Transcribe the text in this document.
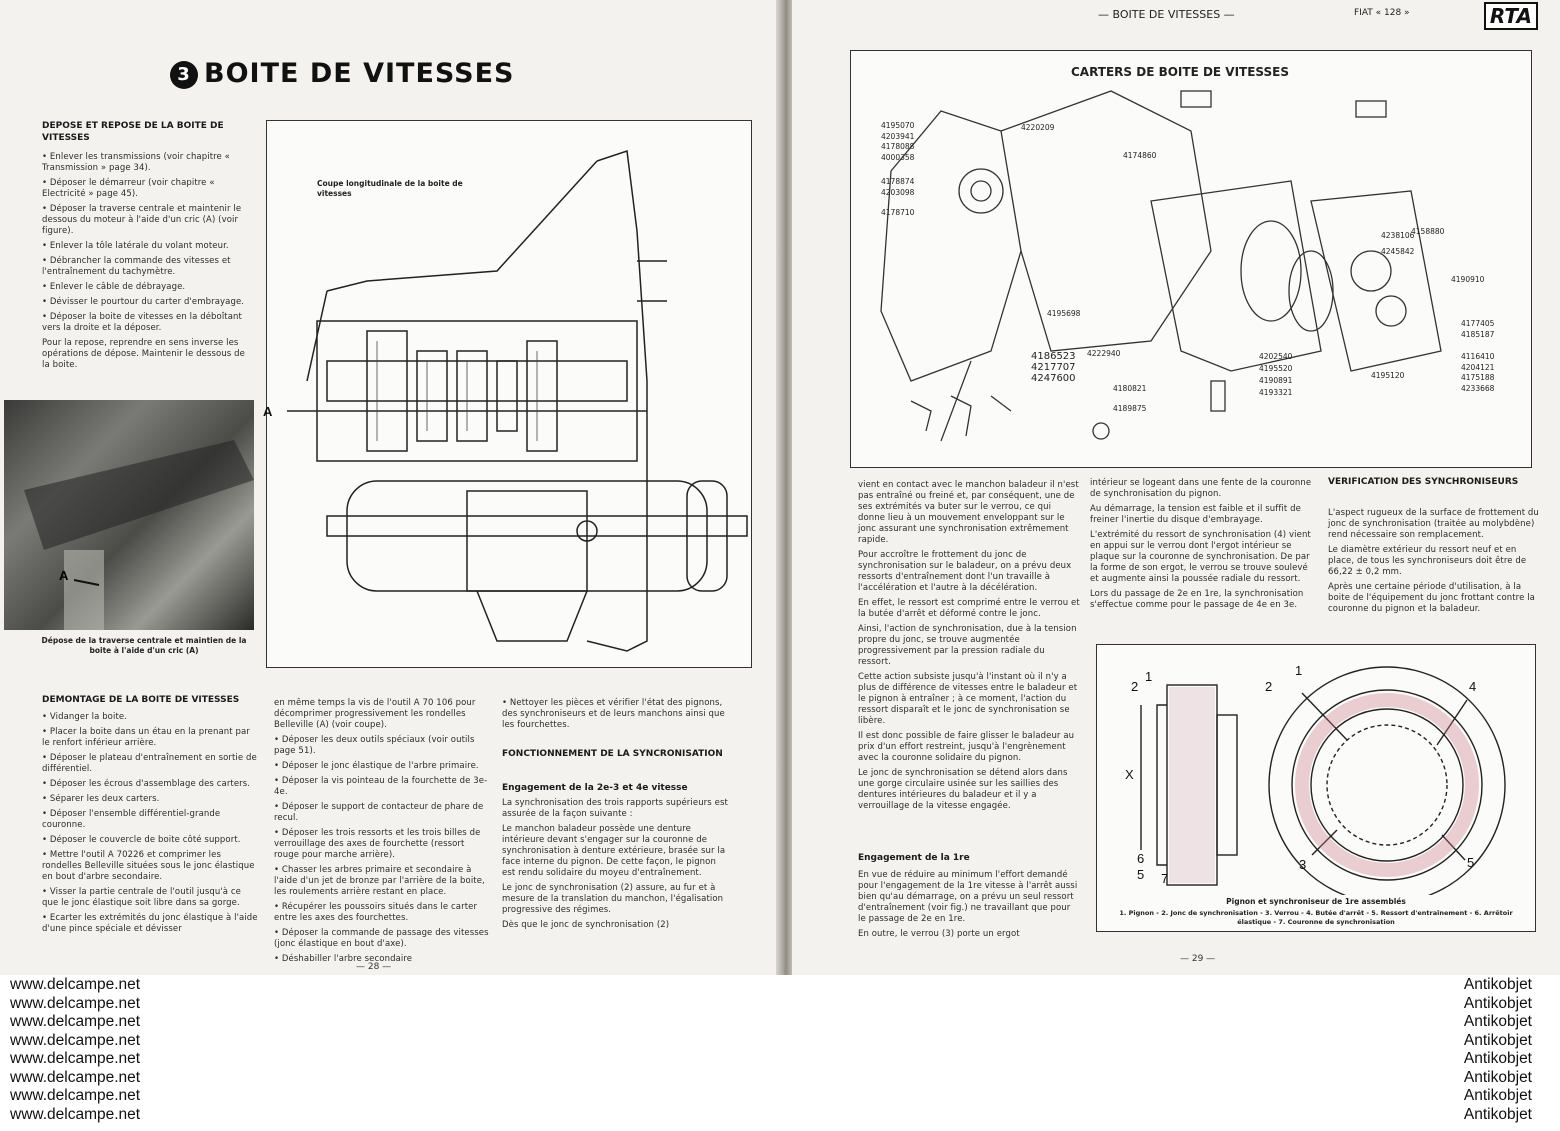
3 BOITE DE VITESSES
DEPOSE ET REPOSE DE LA BOITE DE VITESSES

• Enlever les transmissions (voir chapitre « Transmission » page 34).

• Déposer le démarreur (voir chapitre « Electricité » page 45).

• Déposer la traverse centrale et maintenir le dessous du moteur à l'aide d'un cric (A) (voir figure).

• Enlever la tôle latérale du volant moteur.

• Débrancher la commande des vitesses et l'entraînement du tachymètre.

• Enlever le câble de débrayage.

• Dévisser le pourtour du carter d'embrayage.

• Déposer la boite de vitesses en la déboîtant vers la droite et la déposer.

Pour la repose, reprendre en sens inverse les opérations de dépose. Maintenir le dessous de la boite.

A
Dépose de la traverse centrale et maintien de la boite à l'aide d'un cric (A)
Coupe longitudinale de la boite de vitesses
A
DEMONTAGE DE LA BOITE DE VITESSES

• Vidanger la boite.

• Placer la boite dans un étau en la prenant par le renfort inférieur arrière.

• Déposer le plateau d'entraînement en sortie de différentiel.

• Déposer les écrous d'assemblage des carters.

• Séparer les deux carters.

• Déposer l'ensemble différentiel-grande couronne.

• Déposer le couvercle de boite côté support.

• Mettre l'outil A 70226 et comprimer les rondelles Belleville situées sous le jonc élastique en bout d'arbre secondaire.

• Visser la partie centrale de l'outil jusqu'à ce que le jonc élastique soit libre dans sa gorge.

• Ecarter les extrémités du jonc élastique à l'aide d'une pince spéciale et dévisser

en même temps la vis de l'outil A 70 106 pour décomprimer progressivement les rondelles Belleville (A) (voir coupe).

• Déposer les deux outils spéciaux (voir outils page 51).

• Déposer le jonc élastique de l'arbre primaire.

• Déposer la vis pointeau de la fourchette de 3e-4e.

• Déposer le support de contacteur de phare de recul.

• Déposer les trois ressorts et les trois billes de verrouillage des axes de fourchette (ressort rouge pour marche arrière).

• Chasser les arbres primaire et secondaire à l'aide d'un jet de bronze par l'arrière de la boite, les roulements arrière restant en place.

• Récupérer les poussoirs situés dans le carter entre les axes des fourchettes.

• Déposer la commande de passage des vitesses (jonc élastique en bout d'axe).

• Déshabiller l'arbre secondaire

• Nettoyer les pièces et vérifier l'état des pignons, des synchroniseurs et de leurs manchons ainsi que les fourchettes.

FONCTIONNEMENT DE LA SYNCRONISATION
Engagement de la 2e-3 et 4e vitesse

La synchronisation des trois rapports supérieurs est assurée de la façon suivante :

Le manchon baladeur possède une denture intérieure devant s'engager sur la couronne de synchronisation à denture extérieure, brasée sur la face interne du pignon. De cette façon, le pignon est rendu solidaire du moyeu d'entraînement.

Le jonc de synchronisation (2) assure, au fur et à mesure de la translation du manchon, l'égalisation progressive des régimes.

Dès que le jonc de synchronisation (2)

— 28 —
— BOITE DE VITESSES —	FIAT « 128 »	RTA
CARTERS DE BOITE DE VITESSES
4195070
4203941
4178088
4000358
4178874
4203098
4178710
4220209
4174860
4222940
4238106
4245842
4190910
4177405
4185187
4116410
4204121
4175188
4233668
4186523
4217707
4247600
4180821
4189875
4202540
4195520
4190891
4193321
4195120
4158880
4195698

vient en contact avec le manchon baladeur il n'est pas entraîné ou freiné et, par conséquent, une de ses extrémités va buter sur le verrou, ce qui donne lieu à un mouvement enveloppant sur le jonc assurant une synchronisation extrêmement rapide.

Pour accroître le frottement du jonc de synchronisation sur le baladeur, on a prévu deux ressorts d'entraînement dont l'un travaille à l'accélération et l'autre à la décélération.

En effet, le ressort est comprimé entre le verrou et la butée d'arrêt et déformé contre le jonc.

Ainsi, l'action de synchronisation, due à la tension propre du jonc, se trouve augmentée progressivement par la pression radiale du ressort.

Cette action subsiste jusqu'à l'instant où il n'y a plus de différence de vitesses entre le baladeur et le pignon à entraîner ; à ce moment, l'action du ressort disparaît et le jonc de synchronisation se libère.

Il est donc possible de faire glisser le baladeur au prix d'un effort restreint, jusqu'à l'engrènement avec la couronne solidaire du pignon.

Le jonc de synchronisation se détend alors dans une gorge circulaire usinée sur les saillies des dentures intérieures du baladeur et il y a verrouillage de la vitesse engagée.

Engagement de la 1re

En vue de réduire au minimum l'effort demandé pour l'engagement de la 1re vitesse à l'arrêt aussi bien qu'au démarrage, on a prévu un seul ressort d'entraînement (voir fig.) ne travaillant que pour le passage de 2e en 1re.

En outre, le verrou (3) porte un ergot

intérieur se logeant dans une fente de la couronne de synchronisation du pignon.

Au démarrage, la tension est faible et il suffit de freiner l'inertie du disque d'embrayage.

L'extrémité du ressort de synchronisation (4) vient en appui sur le verrou dont l'ergot intérieur se plaque sur la couronne de synchronisation. De par la forme de son ergot, le verrou se trouve soulevé et augmente ainsi la poussée radiale du ressort.

Lors du passage de 2e en 1re, la synchronisation s'effectue comme pour le passage de 4e en 3e.

VERIFICATION DES SYNCHRONISEURS

L'aspect rugueux de la surface de frottement du jonc de synchronisation (traitée au molybdène) rend nécessaire son remplacement.

Le diamètre extérieur du ressort neuf et en place, de tous les synchroniseurs doit être de 66,22 ± 0,2 mm.

Après une certaine période d'utilisation, à la boite de l'équipement du jonc frottant contre la couronne du pignon et la baladeur.

1
2
X
6
5 7
1
2	4
3	5
Pignon et synchroniseur de 1re assemblés
1. Pignon - 2. Jonc de synchronisation - 3. Verrou - 4. Butée d'arrêt - 5. Ressort d'entraînement - 6. Arrêtoir élastique - 7. Couronne de synchronisation
— 29 —
www.delcampe.net
www.delcampe.net
www.delcampe.net
www.delcampe.net
www.delcampe.net
www.delcampe.net
www.delcampe.net
www.delcampe.net
Antikobjet
Antikobjet
Antikobjet
Antikobjet
Antikobjet
Antikobjet
Antikobjet
Antikobjet
